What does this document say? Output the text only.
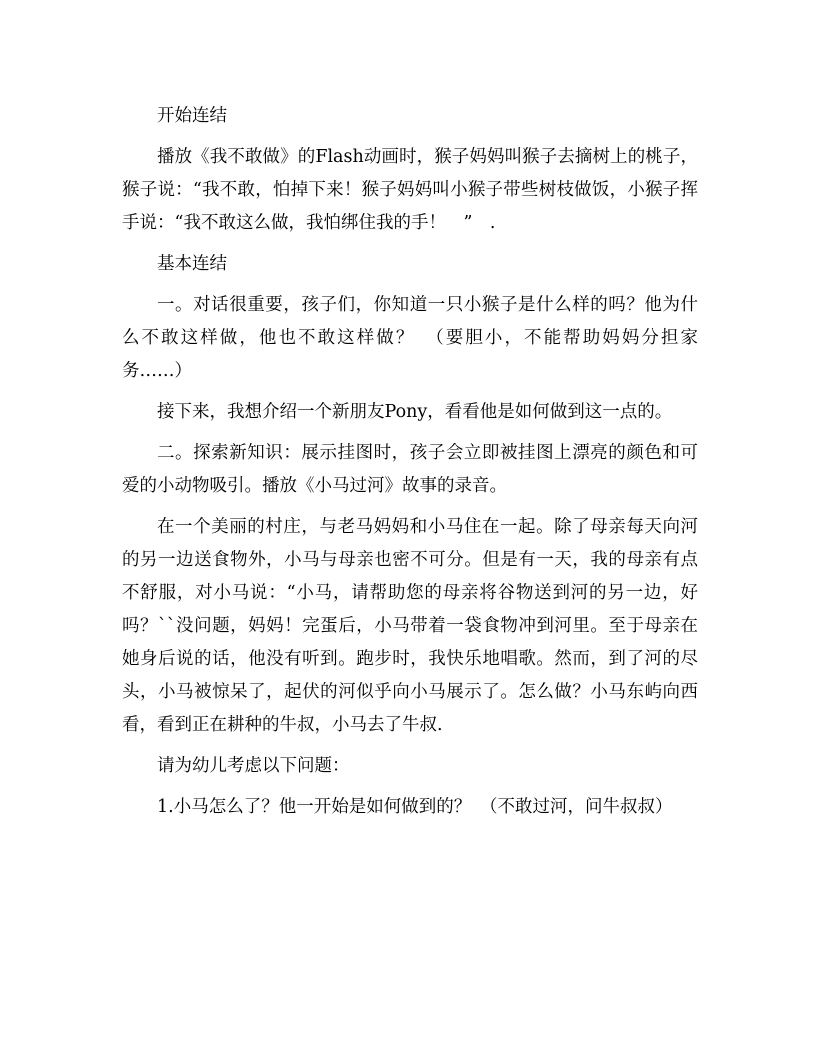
开始连结

播放《我不敢做》的Flash动画时，猴子妈妈叫猴子去摘树上的桃子，猴子说：“我不敢，怕掉下来！猴子妈妈叫小猴子带些树枝做饭，小猴子挥手说：“我不敢这么做，我怕绑住我的手！　”　.

基本连结

一。对话很重要，孩子们，你知道一只小猴子是什么样的吗？他为什么不敢这样做，他也不敢这样做？　（要胆小，不能帮助妈妈分担家务……）

接下来，我想介绍一个新朋友Pony，看看他是如何做到这一点的。

二。探索新知识：展示挂图时，孩子会立即被挂图上漂亮的颜色和可爱的小动物吸引。播放《小马过河》故事的录音。

在一个美丽的村庄，与老马妈妈和小马住在一起。除了母亲每天向河的另一边送食物外，小马与母亲也密不可分。但是有一天，我的母亲有点不舒服，对小马说：“小马，请帮助您的母亲将谷物送到河的另一边，好吗？``没问题，妈妈！完蛋后，小马带着一袋食物冲到河里。至于母亲在她身后说的话，他没有听到。跑步时，我快乐地唱歌。然而，到了河的尽头，小马被惊呆了，起伏的河似乎向小马展示了。怎么做？小马东屿向西看，看到正在耕种的牛叔，小马去了牛叔.

请为幼儿考虑以下问题：

1.小马怎么了？他一开始是如何做到的？　（不敢过河，问牛叔叔）
